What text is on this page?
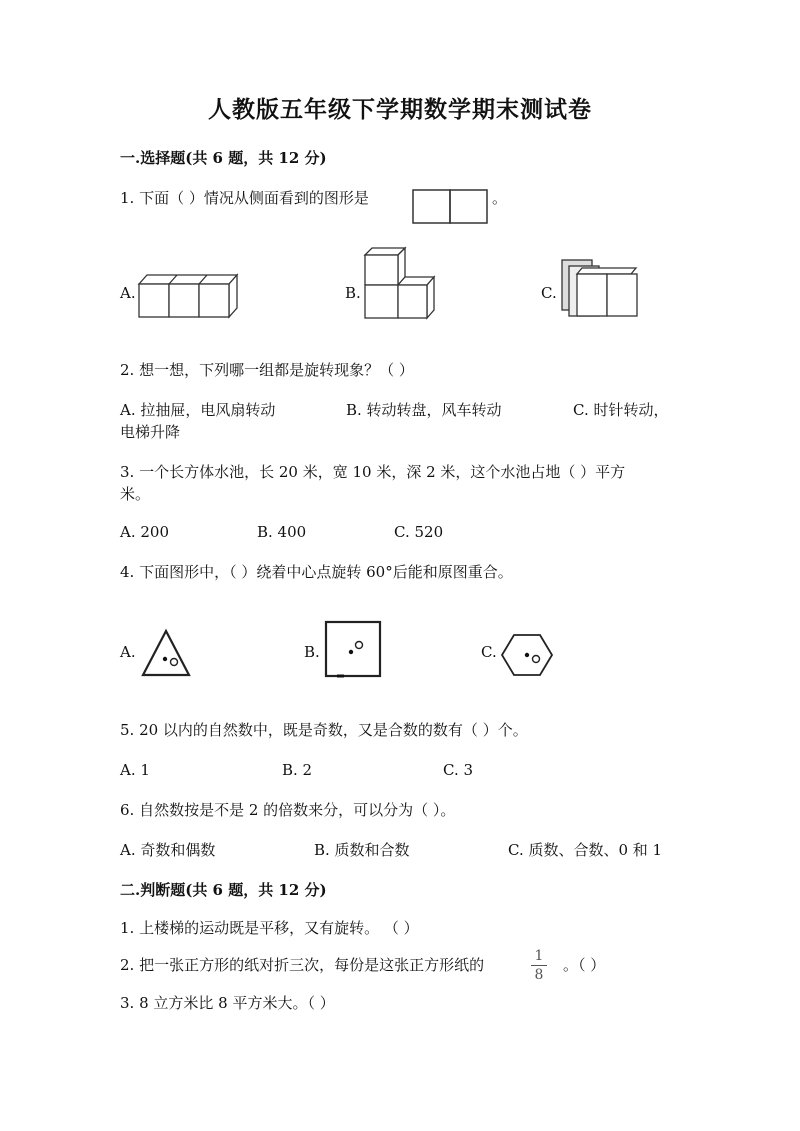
人教版五年级下学期数学期末测试卷
一.选择题(共 6 题，共 12 分)
1. 下面（ ）情况从侧面看到的图形是	。
A.	B.	C.
2. 想一想，下列哪一组都是旋转现象？（ ）
A. 拉抽屉，电风扇转动	B. 转动转盘，风车转动	C. 时针转动，
电梯升降
3. 一个长方体水池，长 20 米，宽 10 米，深 2 米，这个水池占地（ ）平方
米。
A. 200	B. 400	C. 520
4. 下面图形中，（ ）绕着中心点旋转 60°后能和原图重合。
A.	B.	C.
5. 20 以内的自然数中，既是奇数，又是合数的数有（ ）个。
A. 1	B. 2	C. 3
6. 自然数按是不是 2 的倍数来分，可以分为（ ）。
A. 奇数和偶数	B. 质数和合数	C. 质数、合数、0 和 1
二.判断题(共 6 题，共 12 分)
1. 上楼梯的运动既是平移，又有旋转。 （ ）
2. 把一张正方形的纸对折三次，每份是这张正方形纸的	1
8
。（ ）
3. 8 立方米比 8 平方米大。（ ）
